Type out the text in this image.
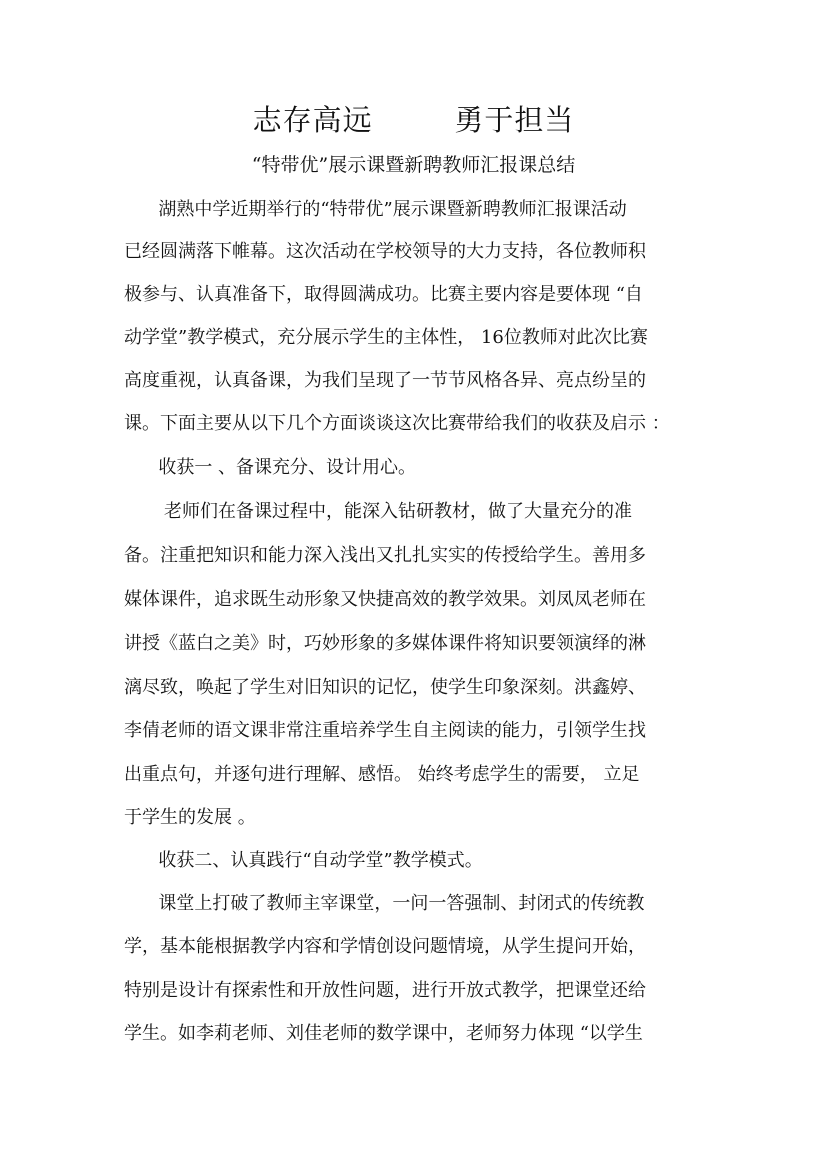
志存高远        勇于担当
“特带优”展示课暨新聘教师汇报课总结
湖熟中学近期举行的“特带优”展示课暨新聘教师汇报课活动
已经圆满落下帷幕。这次活动在学校领导的大力支持，各位教师积
极参与、认真准备下，取得圆满成功。比赛主要内容是要体现 “自
动学堂”教学模式，充分展示学生的主体性， 16位教师对此次比赛
高度重视，认真备课，为我们呈现了一节节风格各异、亮点纷呈的
课。下面主要从以下几个方面谈谈这次比赛带给我们的收获及启示 ：
收获一 、备课充分、设计用心。
老师们在备课过程中，能深入钻研教材，做了大量充分的准
备。注重把知识和能力深入浅出又扎扎实实的传授给学生。善用多
媒体课件，追求既生动形象又快捷高效的教学效果。刘凤凤老师在
讲授《蓝白之美》时，巧妙形象的多媒体课件将知识要领演绎的淋
漓尽致，唤起了学生对旧知识的记忆，使学生印象深刻。洪鑫婷、
李倩老师的语文课非常注重培养学生自主阅读的能力，引领学生找
出重点句，并逐句进行理解、感悟。 始终考虑学生的需要， 立足
于学生的发展 。
收获二、认真践行“自动学堂”教学模式。
课堂上打破了教师主宰课堂，一问一答强制、封闭式的传统教
学，基本能根据教学内容和学情创设问题情境，从学生提问开始，
特别是设计有探索性和开放性问题，进行开放式教学，把课堂还给
学生。如李莉老师、刘佳老师的数学课中，老师努力体现 “以学生
